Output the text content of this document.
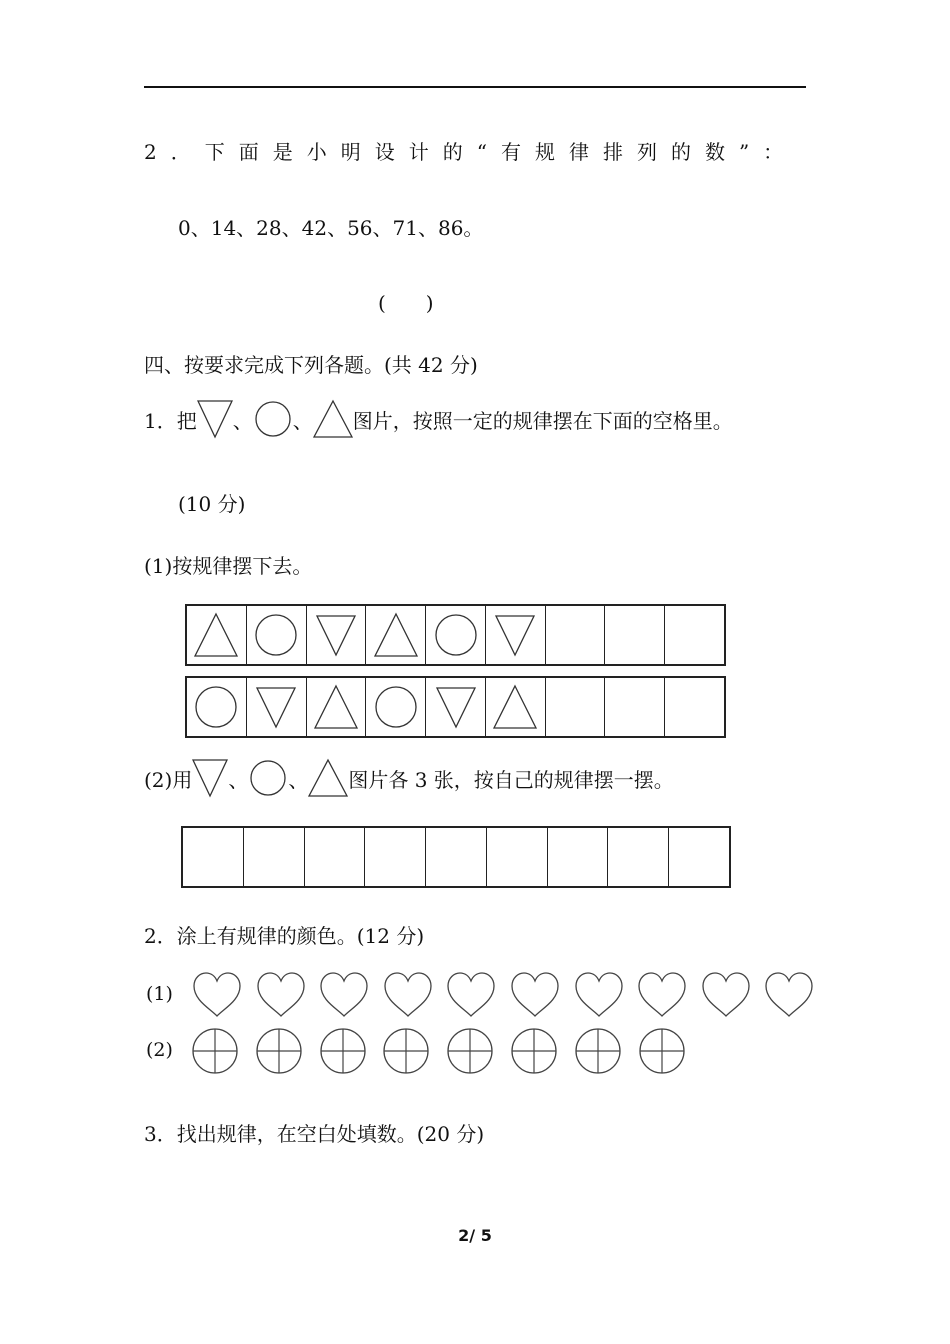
2．下面是小明设计的“有规律排列的数”：
0、14、28、42、56、71、86。
(　　)
四、按要求完成下列各题。(共 42 分)
1．把 、 、 图片，按照一定的规律摆在下面的空格里。
(10 分)
(1)按规律摆下去。
(2)用 、 、 图片各 3 张，按自己的规律摆一摆。
2．涂上有规律的颜色。(12 分)
(1)
(2)
3．找出规律，在空白处填数。(20 分)
2/ 5
